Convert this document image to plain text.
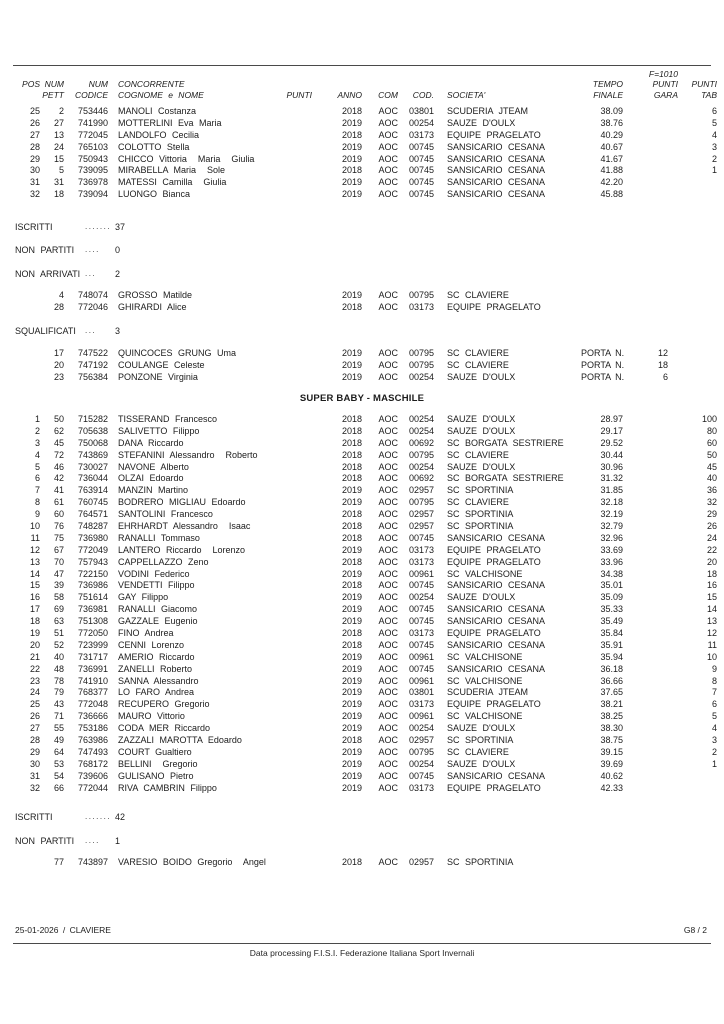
F=1010
POS NUM	NUM	CONCORRENTE	TEMPO	PUNTI	PUNTI
PETT	CODICE	COGNOME e NOME	PUNTI	ANNO	COM	COD.	SOCIETA'	FINALE	GARA	TAB
25	2	753446	MANOLI Costanza	2018	AOC	03801	SCUDERIA JTEAM	38.09	6
26	27	741990	MOTTERLINI Eva Maria	2019	AOC	00254	SAUZE D'OULX	38.76	5
27	13	772045	LANDOLFO Cecilia	2018	AOC	03173	EQUIPE PRAGELATO	40.29	4
28	24	765103	COLOTTO Stella	2019	AOC	00745	SANSICARIO CESANA	40.67	3
29	15	750943	CHICCO Vittoria  Maria  Giulia	2019	AOC	00745	SANSICARIO CESANA	41.67	2
30	5	739095	MIRABELLA Maria  Sole	2018	AOC	00745	SANSICARIO CESANA	41.88	1
31	31	736978	MATESSI Camilla  Giulia	2019	AOC	00745	SANSICARIO CESANA	42.20
32	18	739094	LUONGO Bianca	2019	AOC	00745	SANSICARIO CESANA	45.88
ISCRITTI	....... 37
NON PARTITI	....	0
NON ARRIVATI ...	2
4	748074	GROSSO Matilde	2019	AOC	00795	SC CLAVIERE
28	772046	GHIRARDI Alice	2018	AOC	03173	EQUIPE PRAGELATO
SQUALIFICATI	...	3
17	747522	QUINCOCES GRUNG Uma	2019	AOC	00795	SC CLAVIERE	PORTA N.	12
20	747192	COULANGE Celeste	2019	AOC	00795	SC CLAVIERE	PORTA N.	18
23	756384	PONZONE Virginia	2019	AOC	00254	SAUZE D'OULX	PORTA N.	6
SUPER BABY - MASCHILE
1	50	715282	TISSERAND Francesco	2018	AOC	00254	SAUZE D'OULX	28.97	100
2	62	705638	SALIVETTO Filippo	2018	AOC	00254	SAUZE D'OULX	29.17	80
3	45	750068	DANA Riccardo	2018	AOC	00692	SC BORGATA SESTRIERE	29.52	60
4	72	743869	STEFANINI Alessandro  Roberto	2018	AOC	00795	SC CLAVIERE	30.44	50
5	46	730027	NAVONE Alberto	2018	AOC	00254	SAUZE D'OULX	30.96	45
6	42	736044	OLZAI Edoardo	2018	AOC	00692	SC BORGATA SESTRIERE	31.32	40
7	41	763914	MANZIN Martino	2019	AOC	02957	SC SPORTINIA	31.85	36
8	61	760745	BODRERO MIGLIAU Edoardo	2019	AOC	00795	SC CLAVIERE	32.18	32
9	60	764571	SANTOLINI Francesco	2018	AOC	02957	SC SPORTINIA	32.19	29
10	76	748287	EHRHARDT Alessandro  Isaac	2018	AOC	02957	SC SPORTINIA	32.79	26
11	75	736980	RANALLI Tommaso	2018	AOC	00745	SANSICARIO CESANA	32.96	24
12	67	772049	LANTERO Riccardo  Lorenzo	2019	AOC	03173	EQUIPE PRAGELATO	33.69	22
13	70	757943	CAPPELLAZZO Zeno	2018	AOC	03173	EQUIPE PRAGELATO	33.96	20
14	47	722150	VODINI Federico	2019	AOC	00961	SC VALCHISONE	34.38	18
15	39	736986	VENDETTI Filippo	2018	AOC	00745	SANSICARIO CESANA	35.01	16
16	58	751614	GAY Filippo	2019	AOC	00254	SAUZE D'OULX	35.09	15
17	69	736981	RANALLI Giacomo	2019	AOC	00745	SANSICARIO CESANA	35.33	14
18	63	751308	GAZZALE Eugenio	2019	AOC	00745	SANSICARIO CESANA	35.49	13
19	51	772050	FINO Andrea	2018	AOC	03173	EQUIPE PRAGELATO	35.84	12
20	52	723999	CENNI Lorenzo	2018	AOC	00745	SANSICARIO CESANA	35.91	11
21	40	731717	AMERIO Riccardo	2019	AOC	00961	SC VALCHISONE	35.94	10
22	48	736991	ZANELLI Roberto	2019	AOC	00745	SANSICARIO CESANA	36.18	9
23	78	741910	SANNA Alessandro	2019	AOC	00961	SC VALCHISONE	36.66	8
24	79	768377	LO FARO Andrea	2019	AOC	03801	SCUDERIA JTEAM	37.65	7
25	43	772048	RECUPERO Gregorio	2019	AOC	03173	EQUIPE PRAGELATO	38.21	6
26	71	736666	MAURO Vittorio	2019	AOC	00961	SC VALCHISONE	38.25	5
27	55	753186	CODA MER Riccardo	2019	AOC	00254	SAUZE D'OULX	38.30	4
28	49	763986	ZAZZALI MAROTTA Edoardo	2018	AOC	02957	SC SPORTINIA	38.75	3
29	64	747493	COURT Gualtiero	2019	AOC	00795	SC CLAVIERE	39.15	2
30	53	768172	BELLINI  Gregorio	2019	AOC	00254	SAUZE D'OULX	39.69	1
31	54	739606	GULISANO Pietro	2019	AOC	00745	SANSICARIO CESANA	40.62
32	66	772044	RIVA CAMBRIN Filippo	2019	AOC	03173	EQUIPE PRAGELATO	42.33
ISCRITTI	....... 42
NON PARTITI	....	1
77	743897	VARESIO BOIDO Gregorio  Angel	2018	AOC	02957	SC SPORTINIA
25-01-2026 / CLAVIERE	G8 / 2
Data processing F.I.S.I. Federazione Italiana Sport Invernali
